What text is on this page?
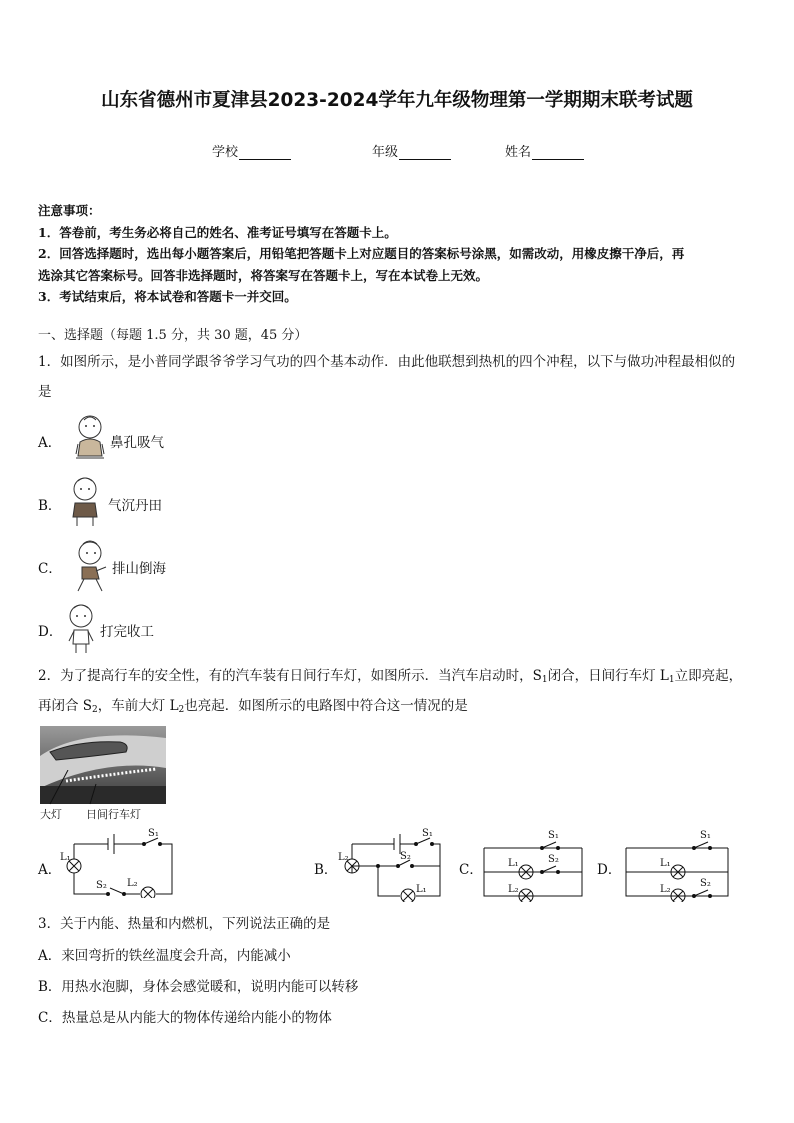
山东省德州市夏津县2023-2024学年九年级物理第一学期期末联考试题
学校	年级	姓名
注意事项：
1．答卷前，考生务必将自己的姓名、准考证号填写在答题卡上。
2．回答选择题时，选出每小题答案后，用铅笔把答题卡上对应题目的答案标号涂黑，如需改动，用橡皮擦干净后，再
选涂其它答案标号。回答非选择题时，将答案写在答题卡上，写在本试卷上无效。
3．考试结束后，将本试卷和答题卡一并交回。
一、选择题（每题 1.5 分，共 30 题，45 分）
1．如图所示，是小普同学跟爷爷学习气功的四个基本动作．由此他联想到热机的四个冲程，以下与做功冲程最相似的
是
A．	鼻孔吸气
B．	气沉丹田
C．	排山倒海
D．	打完收工
2．为了提高行车的安全性，有的汽车装有日间行车灯，如图所示．当汽车启动时，$S_1$闭合，日间行车灯 $L_1$立即亮起，
再闭合 $S_2$，车前大灯 $L_2$也亮起．如图所示的电路图中符合这一情况的是
大灯 日间行车灯
A．
S₁
L₁
S₂ L₂
B．
S₁
L₂	S₂
L₁
C．
S₁
L₁	S₂
L₂
D．
S₁
L₁
S₂
L₂
3．关于内能、热量和内燃机，下列说法正确的是
A．来回弯折的铁丝温度会升高，内能减小
B．用热水泡脚，身体会感觉暖和，说明内能可以转移
C．热量总是从内能大的物体传递给内能小的物体
